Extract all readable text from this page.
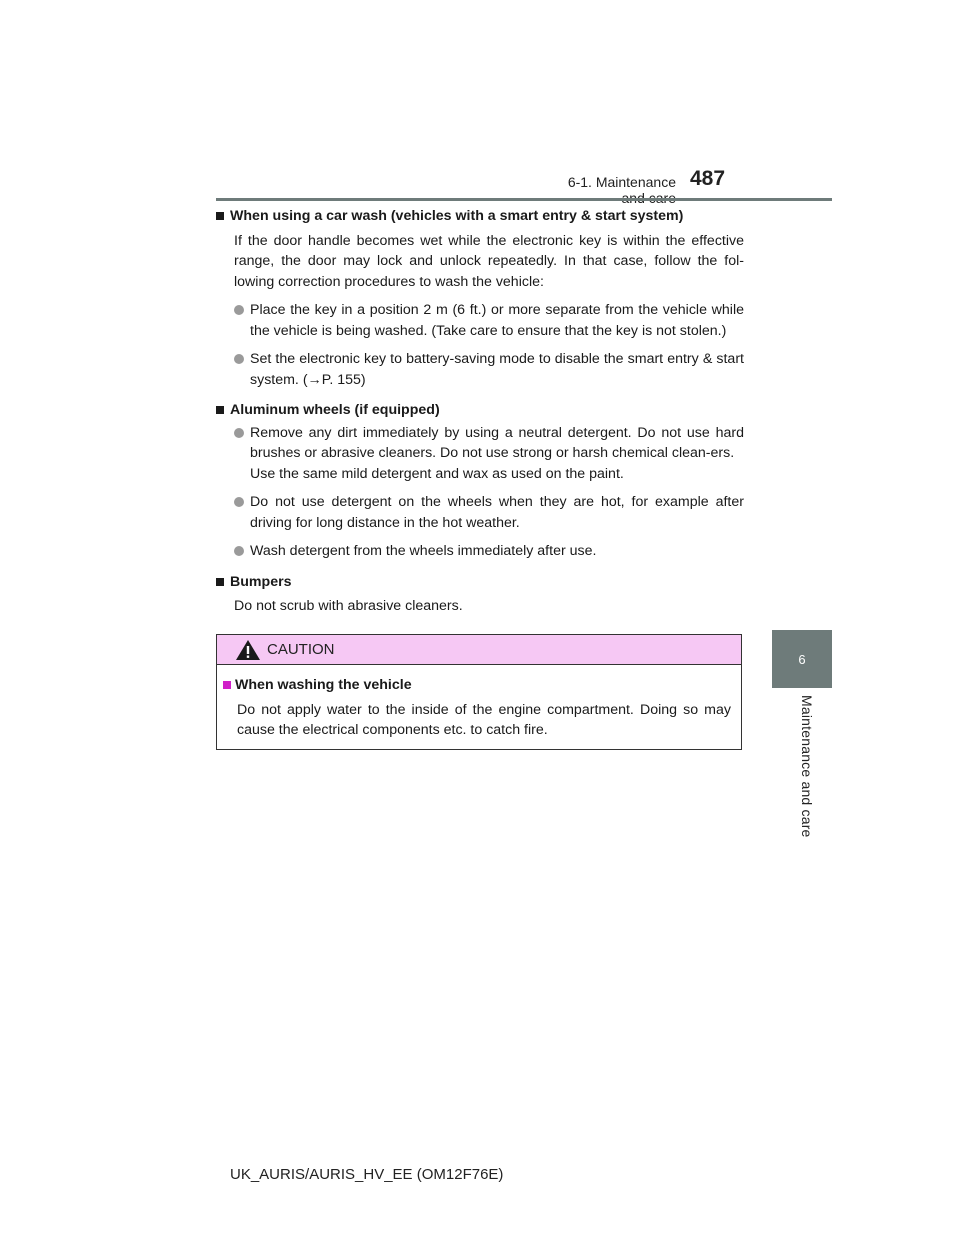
6-1. Maintenance 487
6
Maintenance and care
When using a car wash (vehicles with a smart entry & start system)
If the door handle becomes wet while the electronic key is within the effective range, the door may lock and unlock repeatedly. In that case, follow the fol-lowing correction procedures to wash the vehicle:
Place the key in a position 2 m (6 ft.) or more separate from the vehicle while the vehicle is being washed. (Take care to ensure that the key is not stolen.)
Set the electronic key to battery-saving mode to disable the smart entry & start system. (→P. 155)
Aluminum wheels (if equipped)
Remove any dirt immediately by using a neutral detergent. Do not use hard brushes or abrasive cleaners. Do not use strong or harsh chemical clean-ers.
Use the same mild detergent and wax as used on the paint.
Do not use detergent on the wheels when they are hot, for example after driving for long distance in the hot weather.
Wash detergent from the wheels immediately after use.
Bumpers
Do not scrub with abrasive cleaners.
CAUTION
When washing the vehicle
Do not apply water to the inside of the engine compartment. Doing so may cause the electrical components etc. to catch fire.
UK_AURIS/AURIS_HV_EE (OM12F76E)
